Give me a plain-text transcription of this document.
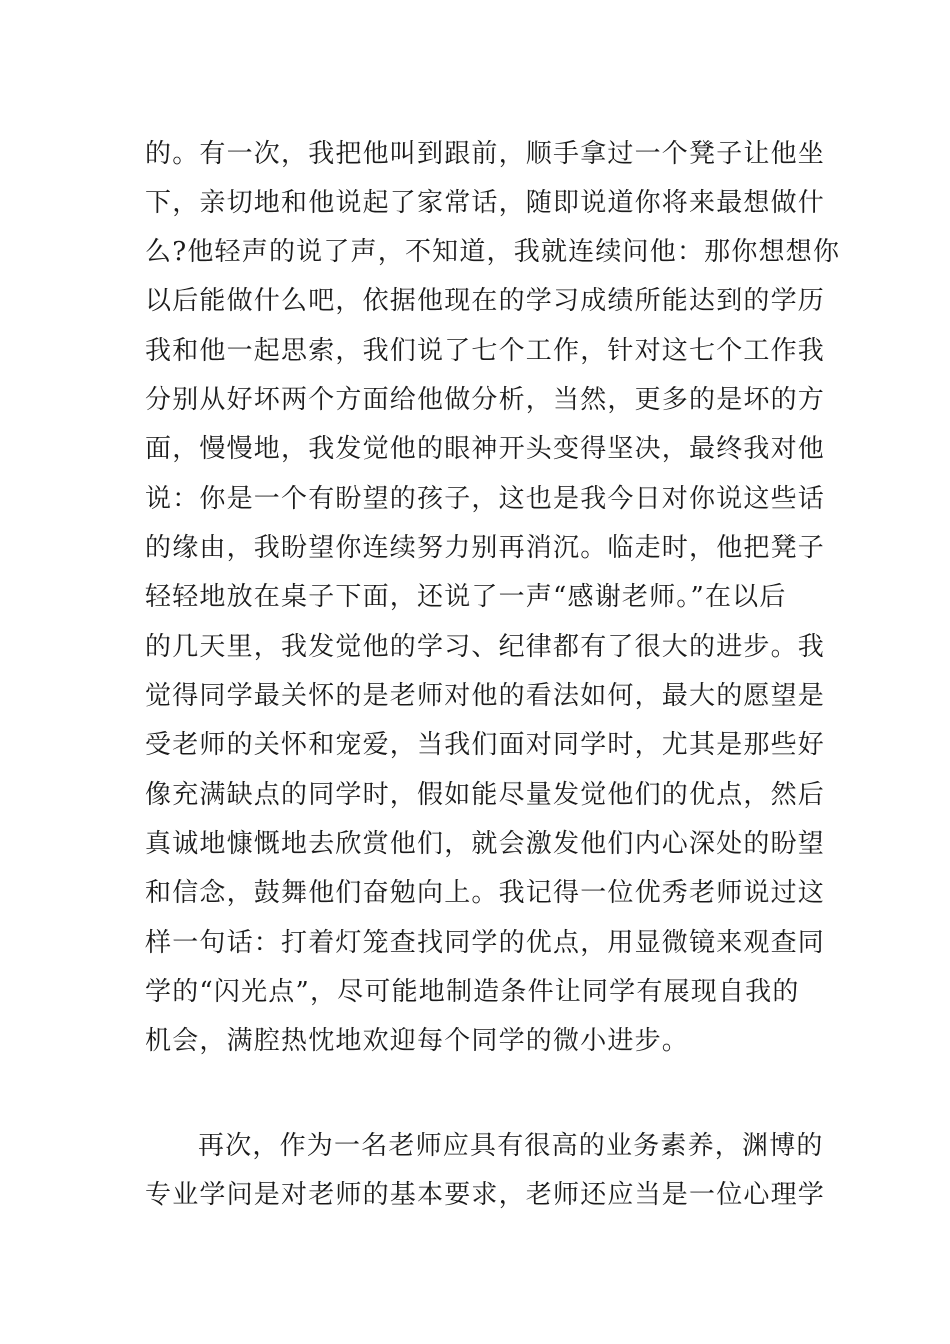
的。有一次，我把他叫到跟前，顺手拿过一个凳子让他坐
下，亲切地和他说起了家常话，随即说道你将来最想做什
么?他轻声的说了声，不知道，我就连续问他：那你想想你
以后能做什么吧，依据他现在的学习成绩所能达到的学历
我和他一起思索，我们说了七个工作，针对这七个工作我
分别从好坏两个方面给他做分析，当然，更多的是坏的方
面，慢慢地，我发觉他的眼神开头变得坚决，最终我对他
说：你是一个有盼望的孩子，这也是我今日对你说这些话
的缘由，我盼望你连续努力别再消沉。临走时，他把凳子
轻轻地放在桌子下面，还说了一声“感谢老师。”在以后
的几天里，我发觉他的学习、纪律都有了很大的进步。我
觉得同学最关怀的是老师对他的看法如何，最大的愿望是
受老师的关怀和宠爱，当我们面对同学时，尤其是那些好
像充满缺点的同学时，假如能尽量发觉他们的优点，然后
真诚地慷慨地去欣赏他们，就会激发他们内心深处的盼望
和信念，鼓舞他们奋勉向上。我记得一位优秀老师说过这
样一句话：打着灯笼查找同学的优点，用显微镜来观查同
学的“闪光点”，尽可能地制造条件让同学有展现自我的
机会，满腔热忱地欢迎每个同学的微小进步。
再次，作为一名老师应具有很高的业务素养，渊博的
专业学问是对老师的基本要求，老师还应当是一位心理学
